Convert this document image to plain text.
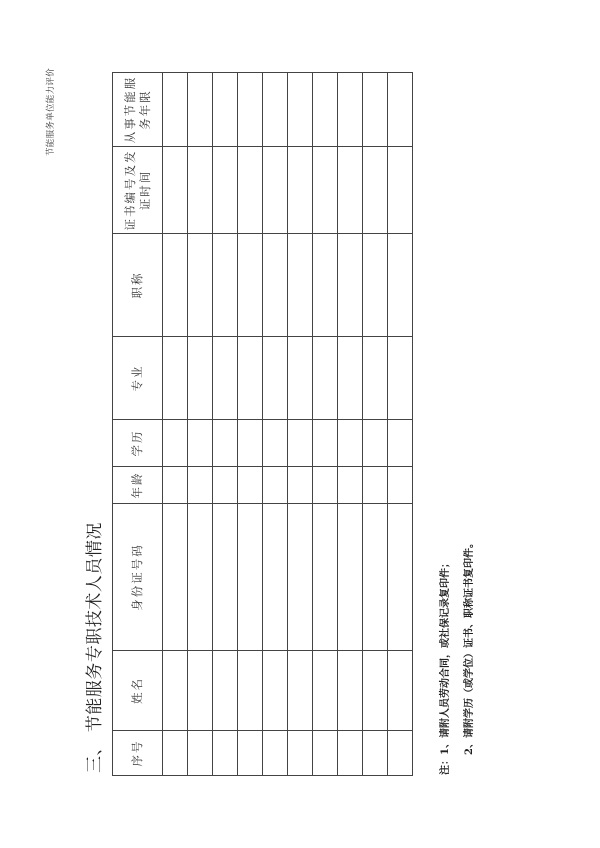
节能服务单位能力评价
三、 节能服务专职技术人员情况 序号	姓名	身份证号码	年龄	学历	专业	职称	证书编号及发证时间	从事节能服务年限

注：1、请附人员劳动合同，或社保记录复印件；	2、请附学历（或学位）证书、职称证书复印件。
